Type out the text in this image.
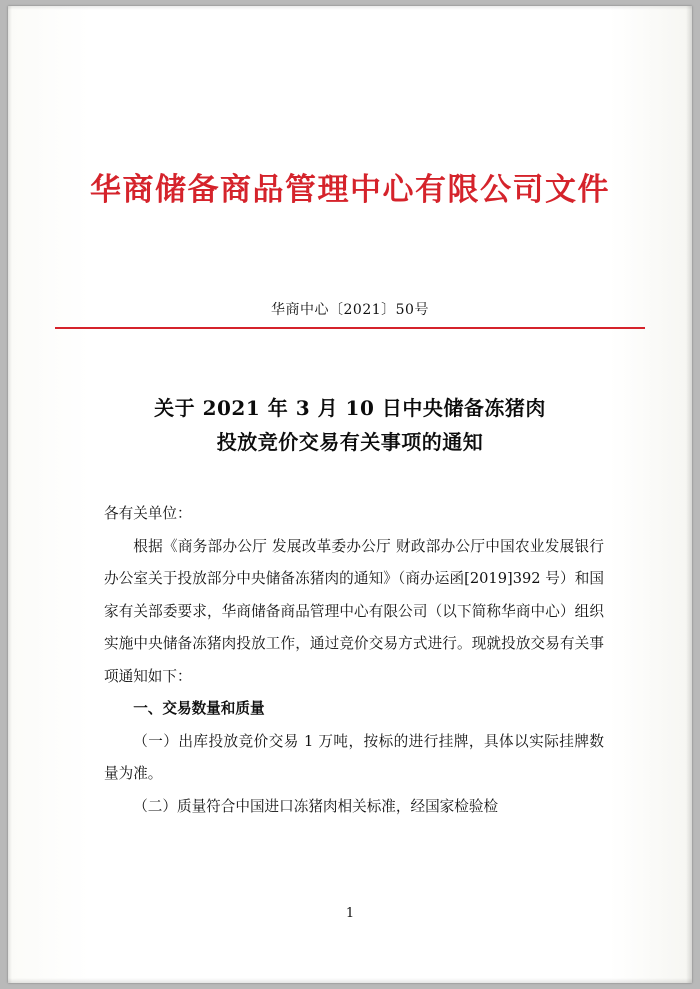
华商储备商品管理中心有限公司文件
华商中心〔2021〕50号
关于 2021 年 3 月 10 日中央储备冻猪肉
投放竞价交易有关事项的通知

各有关单位：

根据《商务部办公厅 发展改革委办公厅 财政部办公厅中国农业发展银行办公室关于投放部分中央储备冻猪肉的通知》（商办运函[2019]392 号）和国家有关部委要求，华商储备商品管理中心有限公司（以下简称华商中心）组织实施中央储备冻猪肉投放工作，通过竞价交易方式进行。现就投放交易有关事项通知如下：

一、交易数量和质量

（一）出库投放竞价交易 1 万吨，按标的进行挂牌，具体以实际挂牌数量为准。

（二）质量符合中国进口冻猪肉相关标准，经国家检验检

1
